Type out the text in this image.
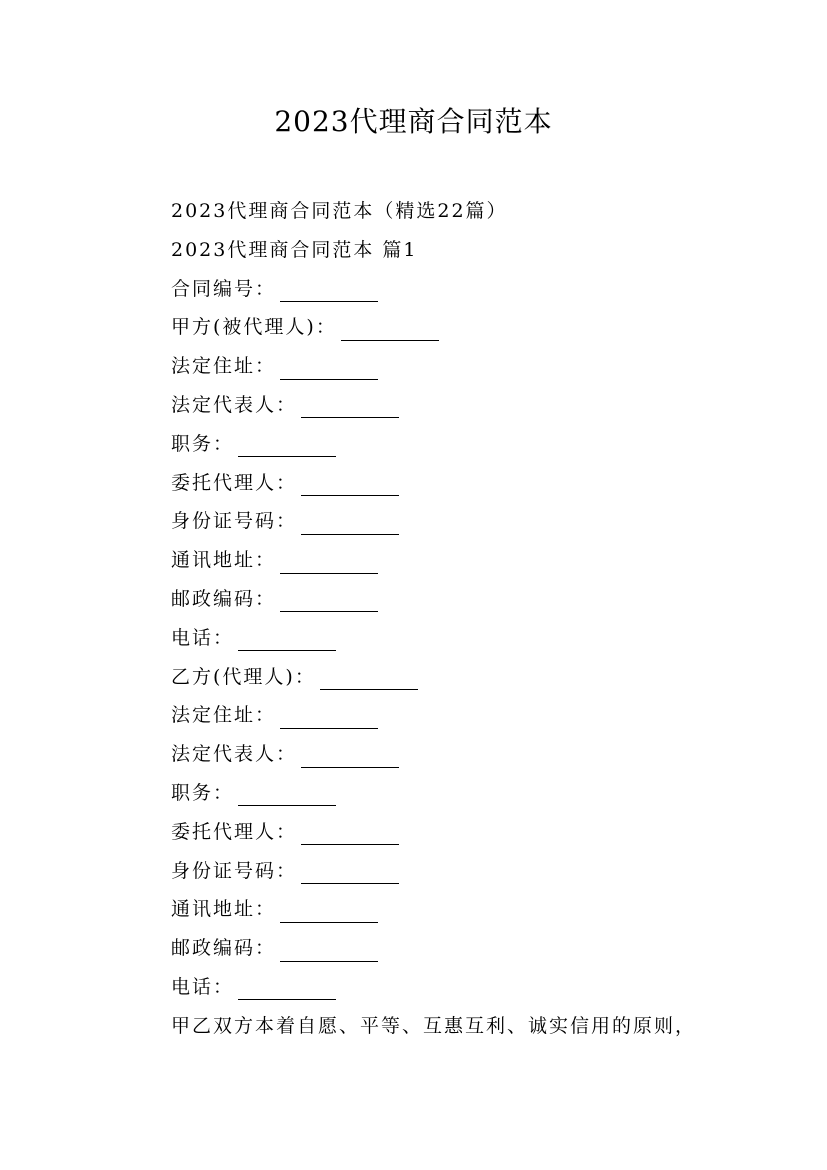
2023代理商合同范本
2023代理商合同范本（精选22篇）
2023代理商合同范本 篇1
合同编号：
甲方(被代理人)：
法定住址：
法定代表人：
职务：
委托代理人：
身份证号码：
通讯地址：
邮政编码：
电话：
乙方(代理人)：
法定住址：
法定代表人：
职务：
委托代理人：
身份证号码：
通讯地址：
邮政编码：
电话：
甲乙双方本着自愿、平等、互惠互利、诚实信用的原则，
